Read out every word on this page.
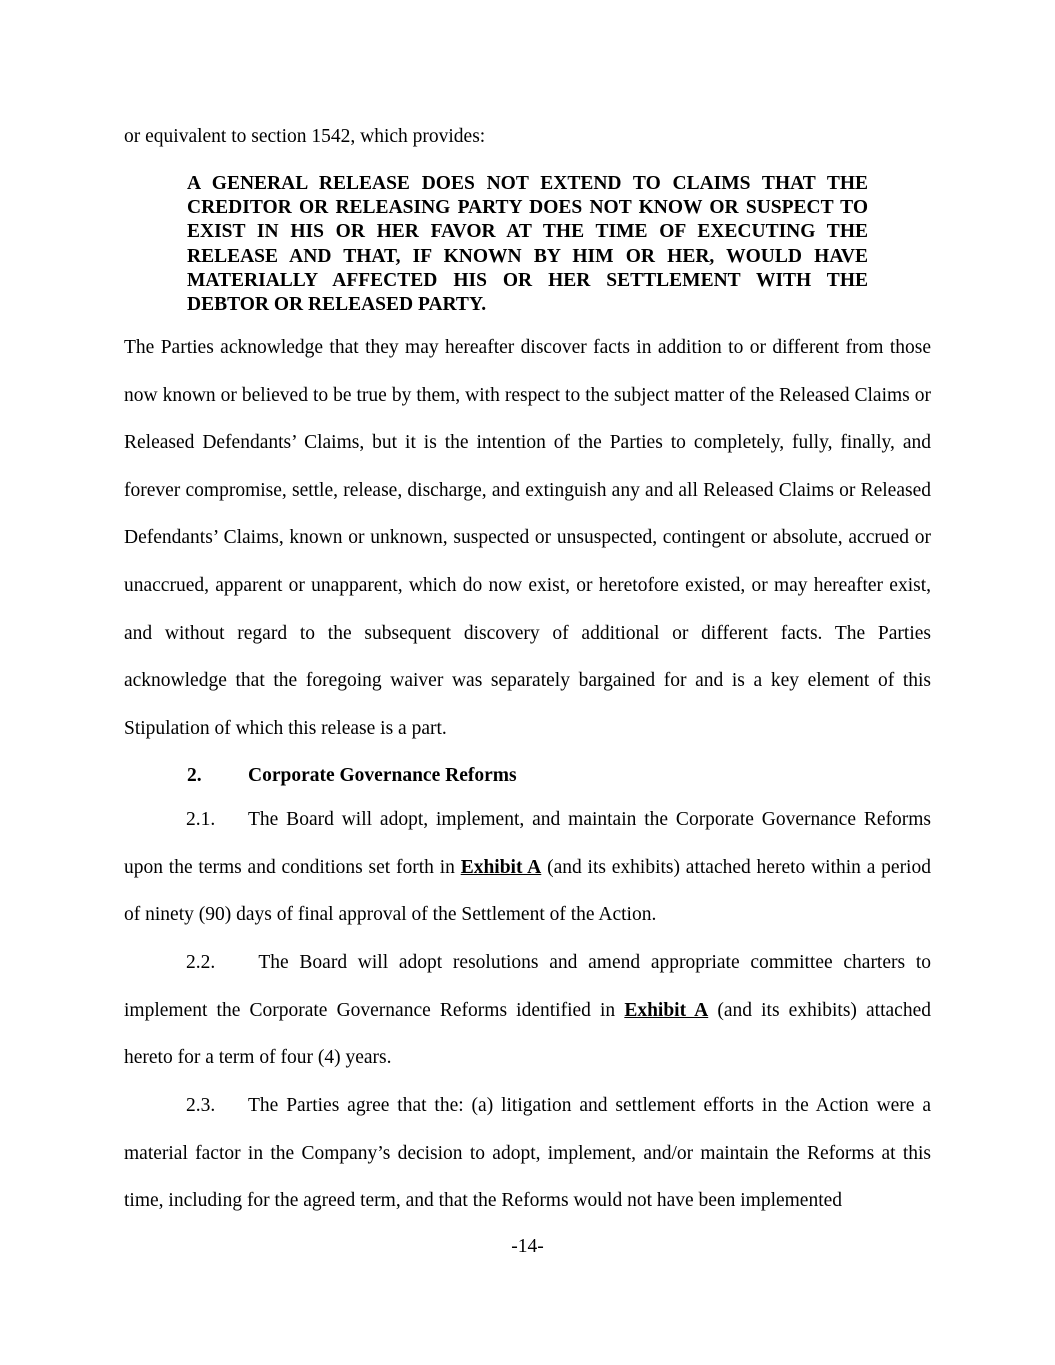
or equivalent to section 1542, which provides:
A GENERAL RELEASE DOES NOT EXTEND TO CLAIMS THAT THE CREDITOR OR RELEASING PARTY DOES NOT KNOW OR SUSPECT TO EXIST IN HIS OR HER FAVOR AT THE TIME OF EXECUTING THE RELEASE AND THAT, IF KNOWN BY HIM OR HER, WOULD HAVE MATERIALLY AFFECTED HIS OR HER SETTLEMENT WITH THE DEBTOR OR RELEASED PARTY.
The Parties acknowledge that they may hereafter discover facts in addition to or different from those now known or believed to be true by them, with respect to the subject matter of the Released Claims or Released Defendants’ Claims, but it is the intention of the Parties to completely, fully, finally, and forever compromise, settle, release, discharge, and extinguish any and all Released Claims or Released Defendants’ Claims, known or unknown, suspected or unsuspected, contingent or absolute, accrued or unaccrued, apparent or unapparent, which do now exist, or heretofore existed, or may hereafter exist, and without regard to the subsequent discovery of additional or different facts. The Parties acknowledge that the foregoing waiver was separately bargained for and is a key element of this Stipulation of which this release is a part.
2. Corporate Governance Reforms
2.1. The Board will adopt, implement, and maintain the Corporate Governance Reforms upon the terms and conditions set forth in Exhibit A (and its exhibits) attached hereto within a period of ninety (90) days of final approval of the Settlement of the Action.
2.2. The Board will adopt resolutions and amend appropriate committee charters to implement the Corporate Governance Reforms identified in Exhibit A (and its exhibits) attached hereto for a term of four (4) years.
2.3. The Parties agree that the: (a) litigation and settlement efforts in the Action were a material factor in the Company’s decision to adopt, implement, and/or maintain the Reforms at this time, including for the agreed term, and that the Reforms would not have been implemented
-14-
